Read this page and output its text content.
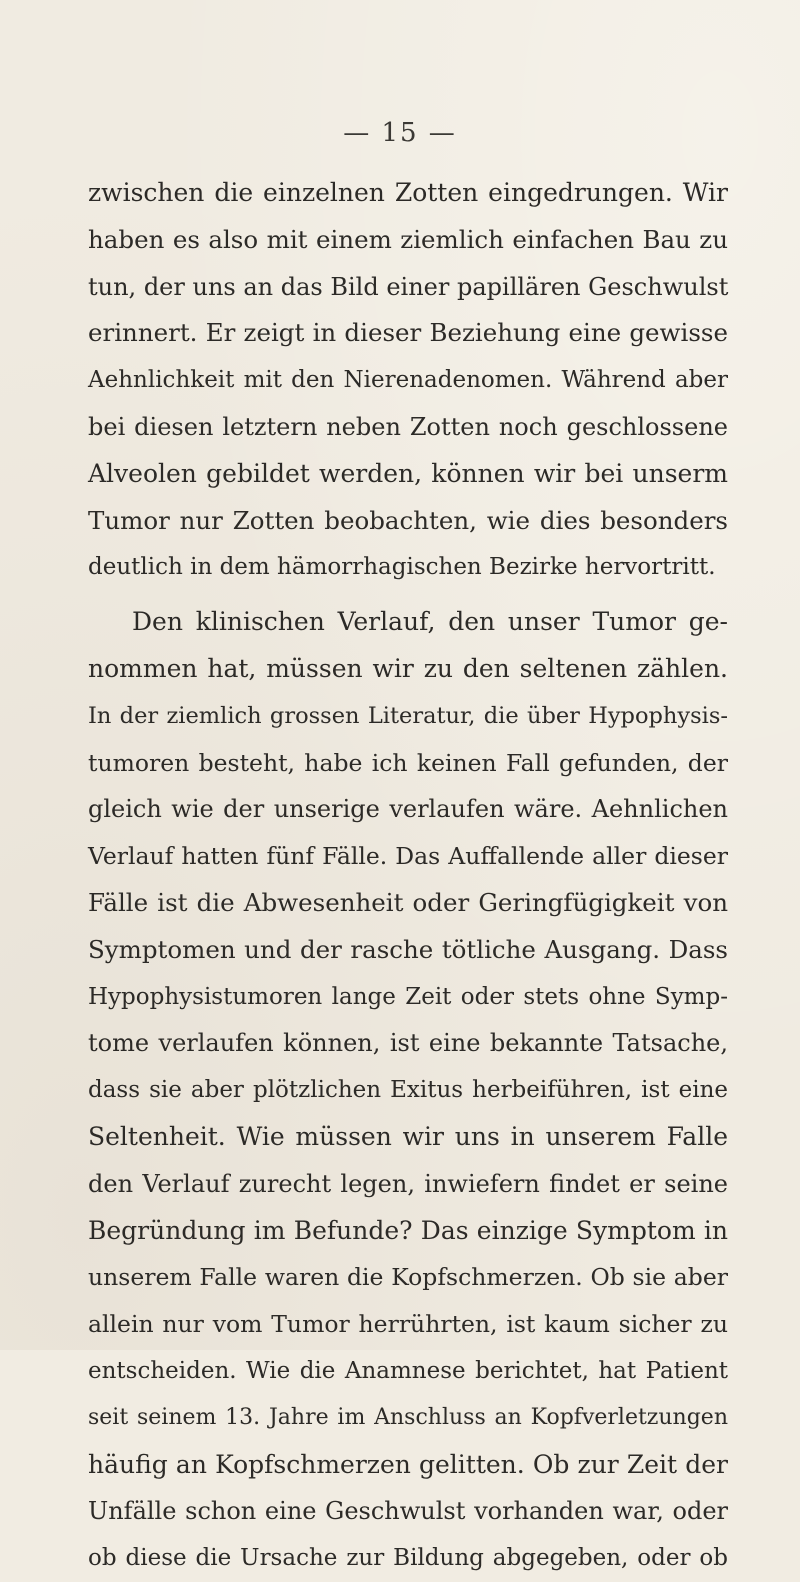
— 15 —
zwischen die einzelnen Zotten eingedrungen. Wir
haben es also mit einem ziemlich einfachen Bau zu
tun, der uns an das Bild einer papillären Geschwulst
erinnert. Er zeigt in dieser Beziehung eine gewisse
Aehnlichkeit mit den Nierenadenomen. Während aber
bei diesen letztern neben Zotten noch geschlossene
Alveolen gebildet werden, können wir bei unserm
Tumor nur Zotten beobachten, wie dies besonders
deutlich in dem hämorrhagischen Bezirke hervortritt.
Den klinischen Verlauf, den unser Tumor ge-
nommen hat, müssen wir zu den seltenen zählen.
In der ziemlich grossen Literatur, die über Hypophysis-
tumoren besteht, habe ich keinen Fall gefunden, der
gleich wie der unserige verlaufen wäre. Aehnlichen
Verlauf hatten fünf Fälle. Das Auffallende aller dieser
Fälle ist die Abwesenheit oder Geringfügigkeit von
Symptomen und der rasche tötliche Ausgang. Dass
Hypophysistumoren lange Zeit oder stets ohne Symp-
tome verlaufen können, ist eine bekannte Tatsache,
dass sie aber plötzlichen Exitus herbeiführen, ist eine
Seltenheit. Wie müssen wir uns in unserem Falle
den Verlauf zurecht legen, inwiefern findet er seine
Begründung im Befunde? Das einzige Symptom in
unserem Falle waren die Kopfschmerzen. Ob sie aber
allein nur vom Tumor herrührten, ist kaum sicher zu
entscheiden. Wie die Anamnese berichtet, hat Patient
seit seinem 13. Jahre im Anschluss an Kopfverletzungen
häufig an Kopfschmerzen gelitten. Ob zur Zeit der
Unfälle schon eine Geschwulst vorhanden war, oder
ob diese die Ursache zur Bildung abgegeben, oder ob
